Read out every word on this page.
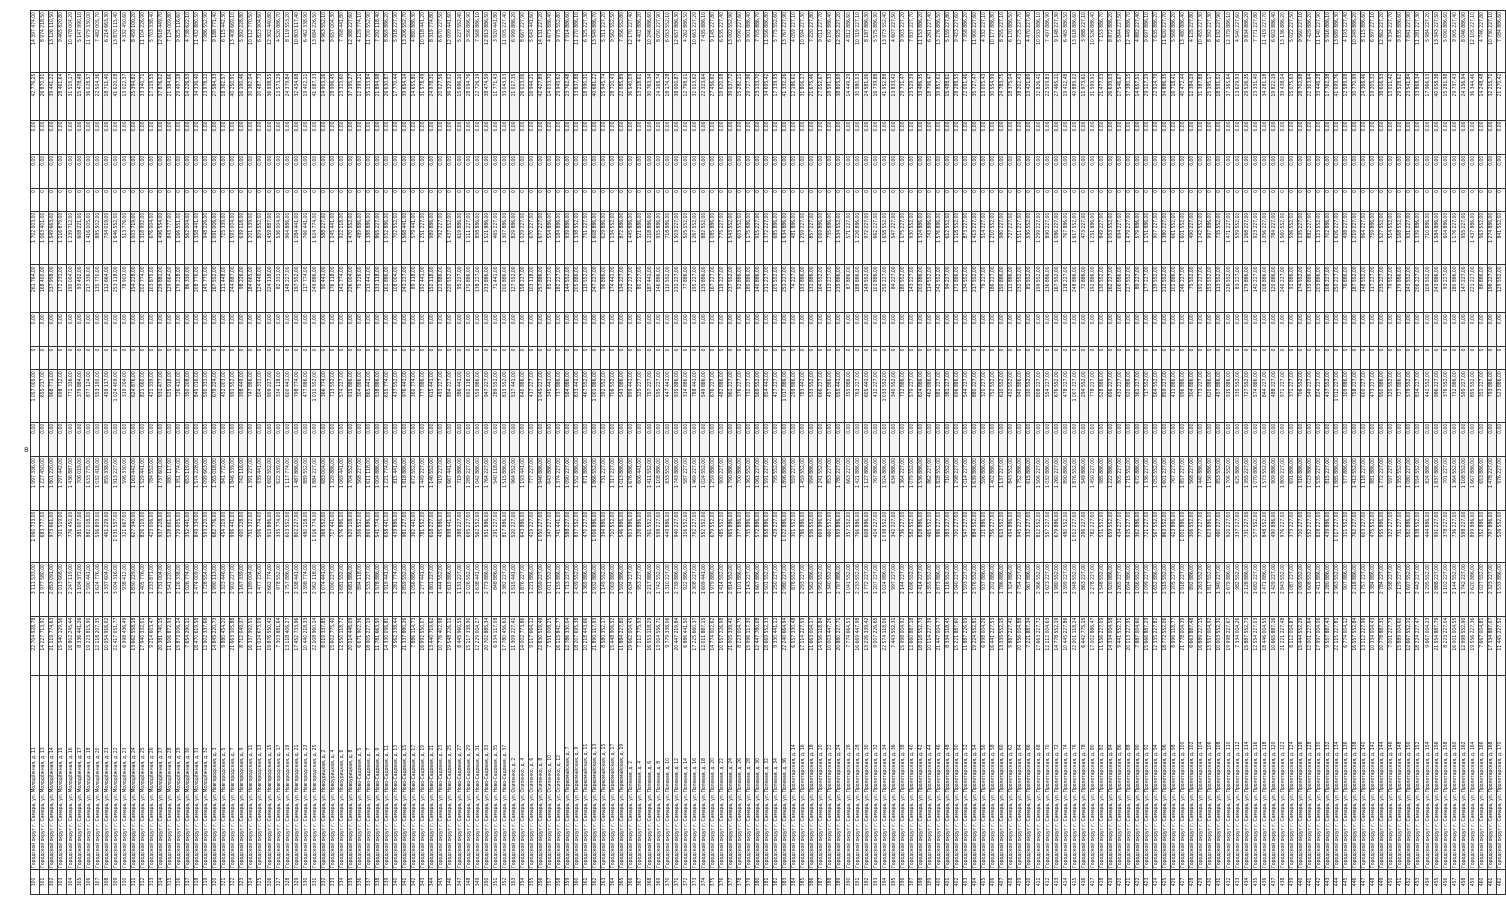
8
300	Городской округ г. Самара, ул. Молодёжная, д. 11	22 704 928,78	3 111 533,00	1 060 733,00	1 997 336,00	0,00	1 057 005,00	0	0,00	261 764,00	1 702 003,00	0	0,00	0,00	42 776,25	14 397 474,00
301	Городской округ г. Самара, ул. Молодёжная, д. 13	14 227 713,92	1 977 580,00	683 777,00	1 227 450,00	0,00	655 217,00	0	0,00	168 400,00	1 063 401,00	0	0,00	0,00	26 870,91	8 974 218,50
302	Городской округ г. Самара, ул. Молодёжная, д. 14	21 119 774,63	2 853 091,00	973 661,00	1 801 220,00	0,00	968 771,00	0	0,00	237 998,00	1 549 663,00	0	0,00	0,00	39 441,22	13 126 110,50
303	Городской округ г. Самара, ул. Молодёжная, д. 15	15 340 129,56	2 013 668,00	701 519,00	1 297 442,00	0,00	698 712,00	0	0,00	172 231,00	1 116 879,00	0	0,00	0,00	28 461,64	9 465 820,80
304	Городской округ г. Самара, ул. Молодёжная, д. 16	16 802 245,44	2 247 119,00	776 450,00	1 436 887,00	0,00	771 336,00	0	0,00	190 004,00	1 239 712,00	0	0,00	0,00	31 519,17	10 478 004,20
305	Городской округ г. Самара, ул. Молодёжная, д. 17	8 336 441,26	1 104 372,00	381 007,00	706 019,00	0,00	379 884,00	0	0,00	93 452,00	608 221,00	0	0,00	0,00	15 478,48	5 147 990,10
306	Городской округ г. Самара, ул. Молодёжная, д. 18	19 223 815,90	2 590 441,00	882 018,00	1 633 775,00	0,00	877 124,00	0	0,00	217 336,00	1 416 005,00	0	0,00	0,00	36 028,57	11 979 330,00
307	Городской округ г. Самара, ул. Молодёжная, д. 20	12 118 207,35	1 624 776,00	556 809,00	1 032 418,00	0,00	553 190,00	0	0,00	135 770,00	885 502,00	0	0,00	0,00	22 504,36	7 482 005,70
308	Городской округ г. Самара, ул. Молодёжная, д. 21	10 054 916,02	1 337 604,00	461 229,00	855 338,00	0,00	459 117,00	0	0,00	112 664,00	734 019,00	0	0,00	0,00	18 711,40	6 214 663,30
309	Городской округ г. Самара, ул. Молодёжная, д. 22	22 417 051,77	3 004 316,00	1 031 557,00	1 913 227,00	0,00	1 024 409,00	0	0,00	253 118,00	1 646 552,00	0	0,00	0,00	41 620,08	13 870 115,40
310	Городской округ г. Самара, ул. Молодёжная, д. 23	6 998 436,49	938 412,00	321 667,00	596 330,00	0,00	319 204,00	0	0,00	78 903,00	513 776,00	0	0,00	0,00	13 022,37	4 332 450,60
311	Городской округ г. Самара, ул. Молодёжная, д. 24	13 662 558,18	1 830 229,00	627 340,00	1 163 442,00	0,00	624 876,00	0	0,00	154 228,00	1 003 719,00	0	0,00	0,00	25 394,82	8 459 100,20
312	Городской округ г. Самара, ул. Молодёжная, д. 25	17 940 332,01	2 405 776,00	826 119,00	1 529 441,00	0,00	821 660,00	0	0,00	202 774,00	1 318 992,00	0	0,00	0,00	33 340,71	11 104 226,90
313	Городской округ г. Самара, ул. Молодёжная, д. 26	9 214 603,47	1 233 871,00	423 006,00	784 552,00	0,00	421 339,00	0	0,00	103 875,00	676 004,00	0	0,00	0,00	17 119,55	5 703 338,40
314	Городской округ г. Самара, ул. Молодёжная, д. 27	20 381 740,15	2 731 004,00	937 228,00	1 737 601,00	0,00	931 477,00	0	0,00	229 881,00	1 496 554,00	0	0,00	0,00	37 876,02	12 618 449,70
315	Городской округ г. Самара, ул. Молодёжная, д. 28	11 506 872,93	1 541 220,00	528 661,00	980 117,00	0,00	525 918,00	0	0,00	129 664,00	843 777,00	0	0,00	0,00	21 384,66	7 124 009,80
316	Городской округ г. Самара, ул. Молодёжная, д. 29	15 873 006,24	2 126 338,00	729 005,00	1 351 774,00	0,00	726 410,00	0	0,00	179 228,00	1 166 551,00	0	0,00	0,00	29 497,18	9 825 116,60
317	Городской округ г. Самара, ул. Молодёжная, д. 30	7 654 290,11	1 026 774,00	352 441,00	653 119,00	0,00	350 208,00	0	0,00	86 330,00	562 004,00	0	0,00	0,00	14 226,53	4 738 622,10
318	Городской округ г. Самара, ул. Молодёжная, д. 31	18 470 619,58	2 474 009,00	849 334,00	1 574 228,00	0,00	845 016,00	0	0,00	208 776,00	1 358 441,00	0	0,00	0,00	34 336,40	11 432 880,50
319	Городской округ г. Самара, ул. Молодёжная, д. 32	12 902 337,66	1 728 554,00	593 220,00	1 099 663,00	0,00	590 331,00	0	0,00	145 770,00	948 226,00	0	0,00	0,00	23 978,12	7 986 552,90
320	Городской округ г. Самара, ул. Новгородская, д. 3	14 845 220,73	1 990 113,00	682 776,00	1 265 018,00	0,00	679 224,00	0	0,00	167 552,00	1 091 006,00	0	0,00	0,00	27 584,33	9 188 771,40
321	Городской округ г. Самара, ул. Новгородская, д. 5	9 880 454,20	1 323 446,00	454 119,00	841 772,00	0,00	452 003,00	0	0,00	111 448,00	725 339,00	0	0,00	0,00	18 362,57	6 115 442,30
322	Городской округ г. Самара, ул. Новгородская, д. 7	21 663 105,88	2 902 227,00	996 441,00	1 846 339,00	0,00	991 552,00	0	0,00	244 887,00	1 593 004,00	0	0,00	0,00	40 250,91	13 408 669,10
323	Городской округ г. Самара, ул. Новгородская, д. 9	8 712 049,37	1 167 339,00	400 228,00	742 116,00	0,00	398 449,00	0	0,00	98 226,00	639 118,00	0	0,00	0,00	16 190,46	5 392 228,80
324	Городской округ г. Самара, ул. Новгородская, д. 11	16 337 992,51	2 189 004,00	751 332,00	1 391 227,00	0,00	747 886,00	0	0,00	184 665,00	1 201 339,00	0	0,00	0,00	30 362,04	10 112 770,50
325	Городской округ г. Самара, ул. Новгородская, д. 13	11 024 673,09	1 477 226,00	506 774,00	939 441,00	0,00	504 331,00	0	0,00	124 446,00	809 552,00	0	0,00	0,00	20 487,73	6 823 904,60
326	Городской округ г. Самара, ул. Новгородская, д. 15	19 876 550,42	2 662 774,00	913 886,00	1 692 552,00	0,00	909 227,00	0	0,00	224 118,00	1 459 887,00	0	0,00	0,00	36 938,55	12 302 440,80
327	Городской округ г. Самара, ул. Новгородская, д. 17	7 303 881,64	978 552,00	335 774,00	622 339,00	0,00	334 118,00	0	0,00	82 331,00	536 004,00	0	0,00	0,00	13 573,29	4 520 886,70
328	Городской округ г. Самара, ул. Новгородская, д. 19	13 118 406,27	1 757 886,00	603 552,00	1 117 774,00	0,00	600 441,00	0	0,00	148 227,00	964 886,00	0	0,00	0,00	24 379,84	8 119 553,20
329	Городской округ г. Самара, ул. Новгородская, д. 21	17 452 733,96	2 338 441,00	802 227,00	1 487 886,00	0,00	798 774,00	0	0,00	197 552,00	1 284 441,00	0	0,00	0,00	32 434,68	10 803 117,40
330	Городской округ г. Самара, ул. Новгородская, д. 23	10 440 218,33	1 398 774,00	480 118,00	889 552,00	0,00	477 886,00	0	0,00	117 774,00	766 441,00	0	0,00	0,00	19 402,11	6 462 338,90
331	Городской округ г. Самара, ул. Новгородская, д. 25	22 108 960,14	2 962 118,00	1 016 774,00	1 884 227,00	0,00	1 011 552,00	0	0,00	249 886,00	1 624 774,00	0	0,00	0,00	41 087,33	13 684 226,50
332	Городской округ г. Самара, ул. Новоурицкая, д. 2	8 019 337,85	1 074 441,00	368 552,00	683 004,00	0,00	366 774,00	0	0,00	90 441,00	588 227,00	0	0,00	0,00	14 903,16	4 963 552,10
333	Городской округ г. Самара, ул. Новоурицкая, д. 4	15 602 775,40	2 090 227,00	717 441,00	1 329 886,00	0,00	713 552,00	0	0,00	176 118,00	1 145 441,00	0	0,00	0,00	28 996,45	9 657 004,30
334	Городской округ г. Самара, ул. Новоурицкая, д. 6	12 550 118,72	1 681 552,00	576 886,00	1 069 441,00	0,00	574 227,00	0	0,00	141 774,00	922 118,00	0	0,00	0,00	23 323,60	7 768 441,80
335	Городской округ г. Самара, ул. Новоурицкая, д. 8	20 014 446,09	2 681 886,00	920 118,00	1 704 552,00	0,00	915 886,00	0	0,00	226 004,00	1 470 552,00	0	0,00	0,00	37 195,27	12 388 227,60
336	Городской округ г. Самара, ул. Ново-Садовая, д. 5	6 671 902,36	894 118,00	306 552,00	568 227,00	0,00	304 886,00	0	0,00	75 226,00	489 886,00	0	0,00	0,00	12 399,21	4 129 774,10
337	Городской округ г. Самара, ул. Ново-Садовая, д. 7	18 905 227,19	2 533 227,00	869 886,00	1 611 118,00	0,00	865 441,00	0	0,00	213 441,00	1 388 886,00	0	0,00	0,00	35 133,84	11 700 552,90
338	Городской округ г. Самара, ул. Ново-Садовая, д. 9	11 781 663,50	1 578 886,00	541 774,00	1 004 886,00	0,00	538 886,00	0	0,00	133 118,00	865 227,00	0	0,00	0,00	21 894,98	7 292 118,40
339	Городской округ г. Самара, ул. Ново-Садовая, д. 11	14 330 096,81	1 919 441,00	658 441,00	1 221 774,00	0,00	655 774,00	0	0,00	161 886,00	1 052 886,00	0	0,00	0,00	26 630,87	8 869 886,20
340	Городской округ г. Самара, ул. Ново-Садовая, д. 13	9 562 338,44	1 281 774,00	439 886,00	815 441,00	0,00	437 552,00	0	0,00	108 004,00	702 552,00	0	0,00	0,00	17 770,44	5 918 227,90
341	Городской округ г. Самара, ул. Ново-Садовая, д. 15	21 337 880,26	2 859 552,00	981 227,00	1 818 886,00	0,00	976 441,00	0	0,00	241 227,00	1 568 441,00	0	0,00	0,00	39 654,14	13 206 552,70
342	Городской округ г. Самара, ул. Ново-Садовая, д. 17	7 886 114,73	1 056 886,00	362 441,00	672 552,00	0,00	360 774,00	0	0,00	89 118,00	579 441,00	0	0,00	0,00	14 655,80	4 880 886,30
343	Городской округ г. Самара, ул. Ново-Садовая, д. 19	16 992 550,07	2 277 441,00	781 552,00	1 449 227,00	0,00	777 886,00	0	0,00	192 441,00	1 251 227,00	0	0,00	0,00	31 578,49	10 518 441,20
344	Городской округ г. Самара, ул. Ново-Садовая, д. 21	13 440 719,62	1 801 227,00	618 227,00	1 146 552,00	0,00	615 441,00	0	0,00	152 118,00	989 886,00	0	0,00	0,00	24 978,31	8 319 774,80
345	Городской округ г. Самара, ул. Ново-Садовая, д. 23	10 776 402,98	1 444 552,00	495 886,00	919 227,00	0,00	493 227,00	0	0,00	121 886,00	792 227,00	0	0,00	0,00	20 027,56	6 670 227,50
346	Городской округ г. Самара, ул. Ново-Садовая, д. 25	19 548 226,11	2 619 886,00	898 441,00	1 667 441,00	0,00	894 227,00	0	0,00	220 552,00	1 437 552,00	0	0,00	0,00	36 329,02	12 099 441,60
347	Городской округ г. Самара, ул. Ново-Садовая, д. 27	8 445 960,55	1 131 227,00	388 227,00	719 886,00	0,00	386 441,00	0	0,00	95 227,00	619 886,00	0	0,00	0,00	15 696,10	5 227 552,40
348	Городской округ г. Самара, ул. Ново-Садовая, д. 29	15 117 338,90	2 026 552,00	695 227,00	1 289 227,00	0,00	692 118,00	0	0,00	170 886,00	1 111 227,00	0	0,00	0,00	28 094,76	9 356 886,90
349	Городской округ г. Самара, ул. Ново-Садовая, д. 31	12 229 004,27	1 638 441,00	562 552,00	1 042 886,00	0,00	559 886,00	0	0,00	138 227,00	898 886,00	0	0,00	0,00	22 726,19	7 568 886,10
350	Городской округ г. Самара, ул. Ново-Садовая, д. 33	20 702 885,34	2 773 886,00	951 886,00	1 764 227,00	0,00	947 227,00	0	0,00	233 886,00	1 521 886,00	0	0,00	0,00	38 474,59	12 813 886,50
351	Городской округ г. Самара, ул. Ново-Садовая, д. 35	6 334 117,08	848 886,00	291 227,00	540 118,00	0,00	289 552,00	0	0,00	71 441,00	465 227,00	0	0,00	0,00	11 771,43	3 920 441,80
352	Городской округ г. Самара, ул. Ново-Садовая, д. 37	17 780 456,63	2 382 227,00	817 886,00	1 515 886,00	0,00	813 552,00	0	0,00	200 886,00	1 307 886,00	0	0,00	0,00	33 043,03	11 005 227,40
353	Городской округ г. Самара, ул. Осипенко, д. 2	11 309 227,41	1 515 441,00	520 227,00	964 552,00	0,00	517 441,00	0	0,00	127 552,00	829 886,00	0	0,00	0,00	21 017,35	6 999 886,20
354	Городской округ г. Самара, ул. Осипенко, д. 4	14 002 773,86	1 876 227,00	643 886,00	1 193 441,00	0,00	640 886,00	0	0,00	158 227,00	1 029 227,00	0	0,00	0,00	26 023,06	8 667 227,90
355	Городской округ г. Самара, ул. Осипенко, д. 6	9 117 664,12	1 221 886,00	419 227,00	777 227,00	0,00	417 227,00	0	0,00	103 118,00	670 227,00	0	0,00	0,00	16 944,21	5 643 441,60
356	Городской округ г. Самара, ул. Осипенко, д. 8	22 830 519,49	3 059 227,00	1 050 227,00	1 946 886,00	0,00	1 045 227,00	0	0,00	257 886,00	1 677 227,00	0	0,00	0,00	42 427,89	14 131 227,20
357	Городской округ г. Самара, ул. Осипенко, д. 10	7 551 008,25	1 011 552,00	347 227,00	643 886,00	0,00	345 441,00	0	0,00	85 227,00	554 886,00	0	0,00	0,00	14 033,70	4 673 886,40
358	Городской округ г. Самара, ул. Осипенко, д. 12	16 115 842,77	2 159 886,00	741 441,00	1 374 227,00	0,00	737 886,00	0	0,00	182 227,00	1 184 886,00	0	0,00	0,00	29 949,62	9 975 552,80
359	Городской округ г. Самара, ул. Первомайская, д. 7	12 786 330,04	1 713 227,00	588 227,00	1 090 227,00	0,00	584 886,00	0	0,00	144 552,00	939 886,00	0	0,00	0,00	23 762,48	7 914 886,60
360	Городской округ г. Самара, ул. Первомайская, д. 9	18 207 695,38	2 439 552,00	837 552,00	1 552 886,00	0,00	833 441,00	0	0,00	205 886,00	1 338 552,00	0	0,00	0,00	33 837,88	11 270 886,10
361	Городской округ г. Самара, ул. Первомайская, д. 11	10 218 443,66	1 369 886,00	470 227,00	871 886,00	0,00	467 552,00	0	0,00	115 552,00	751 227,00	0	0,00	0,00	18 990,31	6 325 227,30
362	Городской округ г. Самара, ул. Первомайская, д. 13	21 890 117,93	2 932 886,00	1 006 886,00	1 866 552,00	0,00	1 001 886,00	0	0,00	247 227,00	1 608 886,00	0	0,00	0,00	40 681,22	13 549 886,70
363	Городской округ г. Самара, ул. Первомайская, д. 15	8 580 352,17	1 149 552,00	394 886,00	731 227,00	0,00	392 552,00	0	0,00	96 886,00	629 886,00	0	0,00	0,00	15 945,74	5 311 227,20
364	Городской округ г. Самара, ул. Первомайская, д. 17	15 448 906,52	2 069 886,00	710 552,00	1 317 227,00	0,00	706 552,00	0	0,00	174 441,00	1 134 552,00	0	0,00	0,00	28 710,43	9 562 552,50
365	Городской округ г. Самара, ул. Первомайская, д. 19	11 884 227,80	1 592 886,00	546 886,00	1 013 886,00	0,00	543 886,00	0	0,00	134 227,00	872 886,00	0	0,00	0,00	22 085,89	7 356 552,80
366	Городской округ г. Самара, ул. Полевая, д. 2	19 662 004,45	2 634 227,00	903 886,00	1 676 886,00	0,00	899 441,00	0	0,00	222 227,00	1 445 886,00	0	0,00	0,00	36 540,09	12 170 227,40
367	Городской округ г. Самара, ул. Полевая, д. 4	7 112 775,93	953 227,00	326 886,00	606 441,00	0,00	325 227,00	0	0,00	80 227,00	521 886,00	0	0,00	0,00	13 218,61	4 402 886,20
368	Городской округ г. Самара, ул. Полевая, д. 6	16 553 118,29	2 217 886,00	761 552,00	1 411 552,00	0,00	757 227,00	0	0,00	187 441,00	1 218 886,00	0	0,00	0,00	30 763,34	10 246 886,60
369	Городской округ г. Самара, ул. Полевая, д. 8	13 004 556,71	1 742 552,00	598 227,00	1 108 886,00	0,00	595 227,00	0	0,00	146 886,00	955 886,00	0	0,00	0,00	24 168,74	8 050 227,90
370	Городской округ г. Самара, ул. Полевая, д. 10	9 779 338,06	1 310 227,00	449 886,00	833 552,00	0,00	447 441,00	0	0,00	110 552,00	718 886,00	0	0,00	0,00	18 174,28	6 053 552,10
371	Городской округ г. Самара, ул. Полевая, д. 12	20 447 219,84	2 739 886,00	940 227,00	1 743 886,00	0,00	935 886,00	0	0,00	231 227,00	1 503 227,00	0	0,00	0,00	38 000,87	12 657 886,30
372	Городской округ г. Самара, ул. Полевая, д. 14	6 886 441,50	922 886,00	316 552,00	587 227,00	0,00	314 886,00	0	0,00	77 886,00	505 552,00	0	0,00	0,00	12 798,01	4 262 886,50
373	Городской округ г. Самара, ул. Полевая, д. 16	17 225 660,37	2 308 227,00	792 227,00	1 469 227,00	0,00	788 441,00	0	0,00	195 227,00	1 267 552,00	0	0,00	0,00	32 013,62	10 663 227,20
374	Городской округ г. Самара, ул. Полевая, д. 18	12 011 887,15	1 609 441,00	552 552,00	1 024 552,00	0,00	549 886,00	0	0,00	135 886,00	882 552,00	0	0,00	0,00	22 323,64	7 435 886,10
375	Городской округ г. Самара, ул. Полевая, д. 20	14 774 002,62	1 979 886,00	679 552,00	1 259 886,00	0,00	676 227,00	0	0,00	167 227,00	1 085 886,00	0	0,00	0,00	27 456,62	9 145 227,80
376	Городской округ г. Самара, ул. Полевая, д. 22	10 557 226,98	1 414 552,00	485 552,00	900 227,00	0,00	482 886,00	0	0,00	119 227,00	775 227,00	0	0,00	0,00	19 620,08	6 535 227,40
377	Городской округ г. Самара, ул. Полевая, д. 24	21 005 339,41	2 814 552,00	965 886,00	1 790 886,00	0,00	961 227,00	0	0,00	237 552,00	1 543 552,00	0	0,00	0,00	39 037,72	13 002 552,90
378	Городской округ г. Самара, ул. Полевая, д. 26	8 223 004,75	1 101 886,00	377 886,00	700 886,00	0,00	376 227,00	0	0,00	92 886,00	603 552,00	0	0,00	0,00	15 282,11	5 090 227,60
379	Городской округ г. Самара, ул. Полевая, д. 28	15 996 117,30	2 143 227,00	735 886,00	1 363 552,00	0,00	732 227,00	0	0,00	180 886,00	1 175 886,00	0	0,00	0,00	29 727,96	9 901 886,40
380	Городской округ г. Самара, ул. Полевая, д. 30	12 447 780,08	1 667 886,00	572 886,00	1 061 227,00	0,00	569 552,00	0	0,00	140 886,00	915 227,00	0	0,00	0,00	23 133,70	7 705 886,70
381	Городской округ г. Самара, ул. Полевая, д. 32	18 669 552,33	2 501 552,00	858 886,00	1 591 227,00	0,00	854 441,00	0	0,00	211 227,00	1 372 227,00	0	0,00	0,00	34 695,42	11 556 886,80
382	Городской округ г. Самара, ул. Полевая, д. 34	9 330 441,12	1 250 227,00	429 227,00	795 552,00	0,00	427 227,00	0	0,00	105 552,00	685 886,00	0	0,00	0,00	17 339,95	5 775 552,60
383	Городской округ г. Самара, ул. Полевая, д. 36	22 240 664,94	2 980 227,00	1 022 886,00	1 896 886,00	0,00	1 017 886,00	0	0,00	251 227,00	1 634 886,00	0	0,00	0,00	41 332,26	13 767 227,90
384	Городской округ г. Самара, ул. Пролетарская, д. 14	6 557 330,48	878 552,00	301 552,00	559 227,00	0,00	299 886,00	0	0,00	74 227,00	481 886,00	0	0,00	0,00	12 186,61	4 059 227,10
385	Городской округ г. Самара, ул. Пролетарская, д. 16	17 114 227,59	2 293 227,00	786 886,00	1 459 552,00	0,00	783 441,00	0	0,00	193 886,00	1 259 227,00	0	0,00	0,00	31 806,17	10 594 227,30
386	Городской округ г. Самара, ул. Пролетарская, д. 18	11 663 004,17	1 562 886,00	536 552,00	994 886,00	0,00	533 552,00	0	0,00	131 886,00	857 227,00	0	0,00	0,00	21 675,46	7 220 227,80
387	Городской округ г. Самара, ул. Пролетарская, д. 20	14 556 118,84	1 950 552,00	669 886,00	1 241 552,00	0,00	666 227,00	0	0,00	164 552,00	1 069 886,00	0	0,00	0,00	27 052,67	9 011 227,70
388	Городской округ г. Самара, ул. Пролетарская, д. 22	10 003 447,26	1 340 552,00	460 552,00	853 227,00	0,00	457 886,00	0	0,00	113 227,00	735 886,00	0	0,00	0,00	18 591,33	6 192 886,40
389	Городской округ г. Самара, ул. Пролетарская, д. 24	20 880 227,71	2 797 886,00	959 886,00	1 780 227,00	0,00	955 441,00	0	0,00	235 886,00	1 534 552,00	0	0,00	0,00	38 805,69	12 925 227,20
390	Городской округ г. Самара, ул. Пролетарская, д. 26	7 774 664,53	1 041 552,00	357 552,00	663 227,00	0,00	355 886,00	0	0,00	87 886,00	571 227,00	0	0,00	0,00	14 449,29	4 812 886,60
391	Городской округ г. Самара, ул. Пролетарская, д. 28	16 669 447,98	2 233 552,00	766 886,00	1 421 886,00	0,00	763 227,00	0	0,00	188 886,00	1 226 886,00	0	0,00	0,00	30 980,03	10 319 227,10
392	Городской округ г. Самара, ул. Пролетарская, д. 30	13 226 339,42	1 772 227,00	608 886,00	1 127 886,00	0,00	605 441,00	0	0,00	149 552,00	972 227,00	0	0,00	0,00	24 581,06	8 187 886,30
393	Городской округ г. Самара, ул. Пролетарская, д. 32	9 007 226,65	1 207 227,00	414 227,00	767 886,00	0,00	412 227,00	0	0,00	101 886,00	662 227,00	0	0,00	0,00	16 739,88	5 575 886,90
394	Городской округ г. Самара, ул. Пролетарская, д. 34	22 574 118,06	3 024 886,00	1 038 552,00	1 924 886,00	0,00	1 033 552,00	0	0,00	255 227,00	1 658 552,00	0	0,00	0,00	41 952,88	13 973 552,40
395	Городской округ г. Самара, ул. Пролетарская, д. 36	7 443 552,31	997 227,00	342 227,00	634 886,00	0,00	340 552,00	0	0,00	84 227,00	547 227,00	0	0,00	0,00	13 833,42	4 607 227,50
396	Городской округ г. Самара, ул. Пролетарская, д. 38	15 998 004,92	2 144 227,00	736 227,00	1 364 227,00	0,00	732 886,00	0	0,00	180 552,00	1 175 227,00	0	0,00	0,00	29 731,47	9 903 227,20
397	Городской округ г. Самара, ул. Пролетарская, д. 40	12 660 887,18	1 696 552,00	582 552,00	1 079 552,00	0,00	579 227,00	0	0,00	143 227,00	930 552,00	0	0,00	0,00	23 529,39	7 837 227,70
398	Городской округ г. Самара, ул. Пролетарская, д. 42	18 018 552,73	2 414 227,00	828 886,00	1 536 886,00	0,00	824 886,00	0	0,00	203 886,00	1 324 886,00	0	0,00	0,00	33 486,35	11 153 886,20
399	Городской округ г. Самара, ул. Пролетарская, д. 44	10 114 227,39	1 355 552,00	465 552,00	862 227,00	0,00	462 886,00	0	0,00	114 552,00	743 886,00	0	0,00	0,00	18 796,47	6 261 227,40
400	Городской округ г. Самара, ул. Пролетарская, д. 46	21 447 004,77	2 873 886,00	986 227,00	1 828 552,00	0,00	981 227,00	0	0,00	242 552,00	1 576 886,00	0	0,00	0,00	39 857,62	13 276 886,50
401	Городской округ г. Самара, ул. Пролетарская, д. 48	8 334 118,45	1 116 552,00	383 227,00	710 552,00	0,00	381 227,00	0	0,00	94 227,00	612 552,00	0	0,00	0,00	15 488,61	5 159 227,80
402	Городской округ г. Самара, ул. Пролетарская, д. 50	15 221 887,60	2 040 227,00	700 227,00	1 298 227,00	0,00	696 886,00	0	0,00	171 886,00	1 118 552,00	0	0,00	0,00	28 288,55	9 423 227,60
403	Городской округ г. Самара, ул. Пролетарская, д. 52	11 887 226,09	1 593 227,00	547 227,00	1 014 227,00	0,00	544 227,00	0	0,00	134 552,00	873 227,00	0	0,00	0,00	22 091,46	7 358 886,20
404	Городской округ г. Самара, ул. Пролетарская, д. 54	19 224 552,81	2 576 552,00	884 552,00	1 639 886,00	0,00	880 227,00	0	0,00	217 552,00	1 413 227,00	0	0,00	0,00	35 727,47	11 900 227,60
405	Городской округ г. Самара, ул. Пролетарская, д. 56	6 998 004,26	937 886,00	321 886,00	596 886,00	0,00	320 227,00	0	0,00	79 227,00	514 227,00	0	0,00	0,00	13 005,43	4 332 227,10
406	Городской округ г. Самара, ул. Пролетарская, д. 58	16 441 227,53	2 202 886,00	756 227,00	1 402 886,00	0,00	752 552,00	0	0,00	186 227,00	1 210 552,00	0	0,00	0,00	30 554,99	10 177 886,80
407	Городской округ г. Самара, ул. Пролетарская, д. 60	13 335 552,15	1 786 886,00	613 552,00	1 137 227,00	0,00	610 552,00	0	0,00	150 886,00	980 227,00	0	0,00	0,00	24 783,75	8 255 227,10
408	Городской округ г. Самара, ул. Пролетарская, д. 62	9 887 227,41	1 324 886,00	454 886,00	843 552,00	0,00	452 552,00	0	0,00	111 886,00	727 227,00	0	0,00	0,00	18 375,04	6 120 886,50
409	Городской округ г. Самара, ул. Пролетарская, д. 64	20 556 004,88	2 754 227,00	945 227,00	1 752 886,00	0,00	940 886,00	0	0,00	232 552,00	1 511 227,00	0	0,00	0,00	38 202,43	12 725 227,70
410	Городской округ г. Самара, ул. Пролетарская, д. 66	7 221 887,34	967 886,00	332 227,00	615 886,00	0,00	330 552,00	0	0,00	81 552,00	530 552,00	0	0,00	0,00	13 421,69	4 470 227,40
411	Городской округ г. Самара, ул. Пролетарская, д. 68	17 663 227,72	2 366 552,00	812 552,00	1 506 227,00	0,00	808 227,00	0	0,00	199 552,00	1 299 227,00	0	0,00	0,00	32 826,41	10 933 886,10
412	Городской округ г. Самара, ул. Пролетарская, д. 70	12 112 004,63	1 623 227,00	557 227,00	1 032 886,00	0,00	554 227,00	0	0,00	136 886,00	890 227,00	0	0,00	0,00	22 509,83	7 497 886,90
413	Городской округ г. Самара, ул. Пролетарская, д. 72	14 778 552,19	1 980 552,00	679 886,00	1 260 227,00	0,00	676 552,00	0	0,00	167 552,00	1 086 227,00	0	0,00	0,00	27 465,11	9 148 227,30
414	Городской округ г. Самара, ул. Пролетарская, д. 74	10 445 227,86	1 399 227,00	480 552,00	890 886,00	0,00	478 227,00	0	0,00	118 227,00	767 886,00	0	0,00	0,00	19 412,48	6 465 886,50
415	Городской округ г. Самара, ул. Пролетарская, д. 76	22 001 118,24	2 948 552,00	1 012 227,00	1 876 552,00	0,00	1 007 227,00	0	0,00	248 886,00	1 617 552,00	0	0,00	0,00	40 889,02	13 618 886,60
416	Городской округ г. Самара, ул. Пролетарская, д. 78	6 442 775,15	863 227,00	296 227,00	549 886,00	0,00	294 552,00	0	0,00	72 886,00	473 227,00	0	0,00	0,00	11 973,61	3 988 227,10
417	Городской округ г. Самара, ул. Пролетарская, д. 80	17 002 886,47	2 278 227,00	782 227,00	1 450 227,00	0,00	778 227,00	0	0,00	192 886,00	1 251 886,00	0	0,00	0,00	31 599,91	10 526 886,40
418	Городской округ г. Самара, ул. Пролетарская, д. 82	11 556 227,09	1 548 552,00	531 552,00	985 886,00	0,00	528 886,00	0	0,00	130 552,00	849 227,00	0	0,00	0,00	21 477,03	7 153 886,70
419	Городской округ г. Самара, ул. Пролетарская, д. 84	14 334 004,58	1 920 886,00	659 552,00	1 222 886,00	0,00	656 227,00	0	0,00	162 227,00	1 053 552,00	0	0,00	0,00	26 639,03	8 872 886,20
420	Городской округ г. Самара, ул. Пролетарская, д. 86	9 441 552,31	1 265 227,00	434 227,00	805 227,00	0,00	432 227,00	0	0,00	106 886,00	694 227,00	0	0,00	0,00	17 546,67	5 844 227,50
421	Городской округ г. Самара, ул. Пролетарская, д. 88	20 113 227,95	2 694 886,00	925 227,00	1 715 552,00	0,00	920 886,00	0	0,00	227 552,00	1 479 227,00	0	0,00	0,00	37 380,15	12 449 886,70
422	Городской округ г. Самара, ул. Пролетарская, д. 90	7 887 004,60	1 056 552,00	362 886,00	672 886,00	0,00	361 227,00	0	0,00	89 227,00	579 886,00	0	0,00	0,00	14 657,51	4 882 227,40
423	Городской округ г. Самара, ул. Пролетарская, д. 92	15 666 887,29	2 099 227,00	721 227,00	1 336 227,00	0,00	717 552,00	0	0,00	177 227,00	1 151 886,00	0	0,00	0,00	29 117,19	9 697 886,10
424	Городской округ г. Самара, ул. Пролетарская, д. 94	12 335 227,82	1 652 886,00	567 552,00	1 052 552,00	0,00	564 552,00	0	0,00	139 552,00	907 227,00	0	0,00	0,00	22 924,79	7 635 886,20
425	Городской округ г. Самара, ул. Пролетарская, д. 96	18 772 552,06	2 515 552,00	863 552,00	1 601 227,00	0,00	859 227,00	0	0,00	212 552,00	1 380 227,00	0	0,00	0,00	34 886,35	11 620 227,70
426	Городской округ г. Самара, ул. Пролетарская, д. 98	8 996 118,77	1 205 227,00	413 886,00	767 227,00	0,00	411 886,00	0	0,00	101 886,00	661 552,00	0	0,00	0,00	16 718,41	5 568 886,20
427	Городской округ г. Самара, ул. Пролетарская, д. 100	21 778 004,39	2 918 227,00	1 001 886,00	1 857 227,00	0,00	996 886,00	0	0,00	246 227,00	1 601 552,00	0	0,00	0,00	40 472,44	13 480 886,40
428	Городской округ г. Самара, ул. Пролетарская, д. 102	6 663 887,48	892 886,00	306 552,00	568 227,00	0,00	304 886,00	0	0,00	75 552,00	490 227,00	0	0,00	0,00	12 384,19	4 125 227,80
429	Городской округ г. Самара, ул. Пролетарская, д. 104	16 889 227,15	2 263 552,00	777 227,00	1 440 886,00	0,00	773 227,00	0	0,00	191 227,00	1 242 552,00	0	0,00	0,00	31 387,88	10 455 227,30
430	Городской округ г. Самара, ул. Пролетарская, д. 106	13 557 004,92	1 817 552,00	623 886,00	1 156 886,00	0,00	620 886,00	0	0,00	153 552,00	997 886,00	0	0,00	0,00	25 195,17	8 392 227,30
431	Городской округ г. Самара, ул. Пролетарская, д. 108	10 003 552,31	1 340 227,00	460 227,00	853 552,00	0,00	457 886,00	0	0,00	113 552,00	735 552,00	0	0,00	0,00	18 591,52	6 192 227,90
432	Городской округ г. Самара, ул. Пролетарская, д. 110	19 998 227,67	2 679 886,00	920 227,00	1 706 552,00	0,00	915 886,00	0	0,00	226 552,00	1 471 227,00	0	0,00	0,00	37 165,64	12 379 886,10
433	Городской округ г. Самара, ул. Пролетарская, д. 112	7 334 004,26	982 552,00	337 227,00	625 886,00	0,00	335 552,00	0	0,00	83 227,00	539 552,00	0	0,00	0,00	13 629,93	4 540 227,60
434	Городской округ г. Самара, ул. Пролетарская, д. 114	15 887 552,73	2 128 886,00	731 227,00	1 355 227,00	0,00	727 552,00	0	0,00	179 886,00	1 168 227,00	0	0,00	0,00	29 526,35	9 834 886,20
435	Городской округ г. Самара, ул. Пролетарская, д. 116	12 554 227,03	1 682 227,00	577 552,00	1 070 886,00	0,00	574 886,00	0	0,00	142 227,00	923 227,00	0	0,00	0,00	23 331,40	7 771 227,80
436	Городской округ г. Самара, ул. Пролетарская, д. 118	18 446 004,55	2 471 886,00	848 552,00	1 573 552,00	0,00	844 227,00	0	0,00	208 886,00	1 356 227,00	0	0,00	0,00	34 281,18	11 419 227,70
437	Городской округ г. Самара, ул. Пролетарская, д. 120	10 665 887,16	1 429 227,00	490 886,00	909 886,00	0,00	488 227,00	0	0,00	120 886,00	784 227,00	0	0,00	0,00	19 822,19	6 602 886,40
438	Городской округ г. Самара, ул. Пролетарская, д. 122	21 221 227,48	2 843 552,00	976 227,00	1 809 227,00	0,00	971 227,00	0	0,00	240 227,00	1 560 552,00	0	0,00	0,00	39 438,04	13 136 886,20
439	Городской округ г. Самара, ул. Пролетарская, д. 124	8 112 004,87	1 087 227,00	373 227,00	691 886,00	0,00	371 227,00	0	0,00	91 886,00	596 552,00	0	0,00	0,00	15 075,63	5 022 227,50
440	Городской округ г. Самара, ул. Пролетарская, д. 126	15 444 552,29	2 069 552,00	710 227,00	1 316 886,00	0,00	706 552,00	0	0,00	174 552,00	1 135 227,00	0	0,00	0,00	28 702,98	9 560 227,10
441	Городской округ г. Самара, ул. Пролетарская, д. 128	12 001 227,64	1 608 552,00	552 227,00	1 023 886,00	0,00	549 227,00	0	0,00	135 886,00	882 227,00	0	0,00	0,00	22 303,64	7 429 886,20
442	Городской округ г. Самара, ул. Пролетарская, д. 130	17 997 004,06	2 411 886,00	828 227,00	1 535 227,00	0,00	824 227,00	0	0,00	203 886,00	1 323 552,00	0	0,00	0,00	33 446,28	11 140 227,90
443	Городской округ г. Самара, ул. Пролетарская, д. 132	9 557 887,43	1 280 886,00	439 886,00	815 227,00	0,00	437 552,00	0	0,00	108 227,00	702 886,00	0	0,00	0,00	17 762,38	5 916 886,10
444	Городской округ г. Самара, ул. Пролетарская, д. 134	22 115 227,81	2 963 552,00	1 017 227,00	1 885 886,00	0,00	1 012 227,00	0	0,00	250 227,00	1 626 227,00	0	0,00	0,00	41 099,76	13 689 886,30
445	Городской округ г. Самара, ул. Пролетарская, д. 136	6 774 004,12	907 886,00	311 552,00	577 886,00	0,00	309 886,00	0	0,00	76 886,00	498 227,00	0	0,00	0,00	12 589,08	4 193 227,40
446	Городской округ г. Самара, ул. Пролетарская, д. 138	16 557 552,84	2 218 886,00	762 227,00	1 412 552,00	0,00	758 227,00	0	0,00	187 552,00	1 219 227,00	0	0,00	0,00	30 770,99	10 249 886,20
447	Городской округ г. Самара, ул. Пролетарская, д. 140	13 112 227,96	1 757 227,00	603 227,00	1 118 227,00	0,00	600 227,00	0	0,00	148 552,00	964 227,00	0	0,00	0,00	24 368,46	8 115 886,60
448	Городской округ г. Самара, ул. Пролетарская, д. 142	10 334 004,43	1 384 886,00	475 552,00	881 886,00	0,00	473 227,00	0	0,00	117 227,00	759 886,00	0	0,00	0,00	19 205,32	6 397 227,10
449	Городской округ г. Самара, ул. Пролетарская, д. 144	20 778 887,31	2 784 227,00	955 886,00	1 772 227,00	0,00	950 886,00	0	0,00	235 227,00	1 527 552,00	0	0,00	0,00	38 616,53	12 862 227,20
450	Городской округ г. Самара, ул. Пролетарская, д. 146	7 001 227,73	938 227,00	322 227,00	597 227,00	0,00	320 552,00	0	0,00	79 552,00	514 552,00	0	0,00	0,00	13 011,42	4 334 227,70
451	Городской округ г. Самара, ул. Пролетарская, д. 148	15 889 004,60	2 129 227,00	731 227,00	1 355 552,00	0,00	727 886,00	0	0,00	179 886,00	1 168 552,00	0	0,00	0,00	29 528,62	9 835 886,60
452	Городской округ г. Самара, ул. Пролетарская, д. 150	12 667 552,11	1 697 552,00	582 886,00	1 080 227,00	0,00	579 552,00	0	0,00	143 552,00	931 227,00	0	0,00	0,00	23 541,84	7 841 227,90
453	Городской округ г. Самара, ул. Пролетарская, д. 152	18 224 227,47	2 442 227,00	838 552,00	1 554 552,00	0,00	834 227,00	0	0,00	206 227,00	1 339 886,00	0	0,00	0,00	33 868,34	11 281 227,30
454	Городской округ г. Самара, ул. Пролетарская, д. 154	9 667 004,23	1 295 552,00	444 886,00	824 886,00	0,00	442 552,00	0	0,00	109 552,00	710 886,00	0	0,00	0,00	17 966,03	5 984 227,20
455	Городской округ г. Самара, ул. Пролетарская, д. 156	21 554 887,79	2 888 227,00	991 227,00	1 837 886,00	0,00	986 227,00	0	0,00	243 886,00	1 584 886,00	0	0,00	0,00	40 058,38	13 343 227,50
456	Городской округ г. Самара, ул. Пролетарская, д. 158	8 223 227,04	1 102 227,00	378 227,00	701 227,00	0,00	376 552,00	0	0,00	93 227,00	604 886,00	0	0,00	0,00	15 281,98	5 090 886,60
457	Городской округ г. Самара, ул. Пролетарская, д. 160	16 001 004,55	2 144 552,00	736 227,00	1 364 552,00	0,00	732 886,00	0	0,00	180 886,00	1 176 227,00	0	0,00	0,00	29 737,43	9 905 227,40
458	Городской округ г. Самара, ул. Пролетарская, д. 162	12 998 552,90	1 742 227,00	598 227,00	1 108 552,00	0,00	595 227,00	0	0,00	147 227,00	955 227,00	0	0,00	0,00	24 156,94	8 046 886,90
459	Городской округ г. Самара, ул. Пролетарская, д. 164	19 556 227,36	2 620 886,00	899 886,00	1 667 886,00	0,00	895 552,00	0	0,00	221 227,00	1 437 886,00	0	0,00	0,00	36 344,46	12 105 227,10
460	Городской округ г. Самара, ул. Пролетарская, д. 166	7 667 004,81	1 027 552,00	352 886,00	653 886,00	0,00	351 227,00	0	0,00	86 886,00	563 552,00	0	0,00	0,00	14 248,48	4 746 227,80
461	Городской округ г. Самара, ул. Пролетарская, д. 168	17 334 887,07	2 323 227,00	797 886,00	1 478 227,00	0,00	793 886,00	0	0,00	196 227,00	1 274 886,00	0	0,00	0,00	32 215,71	10 730 227,10
462	Городской округ г. Самара, ул. Пролетарская, д. 170	11 445 227,52	1 533 886,00	526 552,00	976 227,00	0,00	523 886,00	0	0,00	129 552,00	841 552,00	0	0,00	0,00	21 270,42	7 084 886,60
